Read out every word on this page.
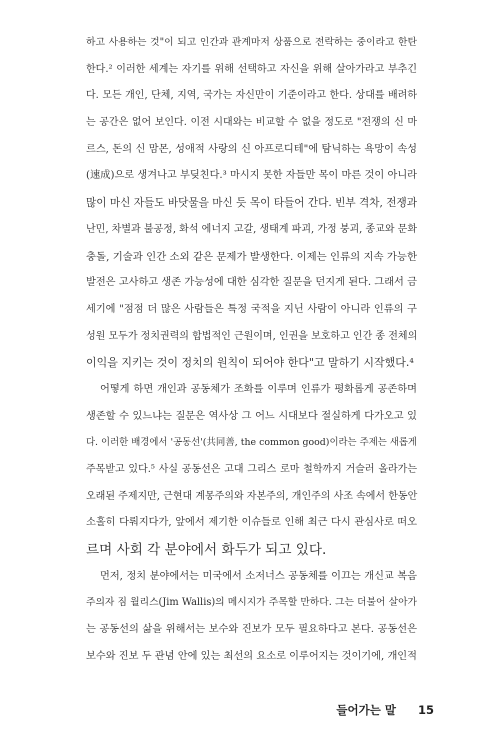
하고 사용하는 것"이 되고 인간과 관계마저 상품으로 전락하는 중이라고 한탄
한다.² 이러한 세계는 자기를 위해 선택하고 자신을 위해 살아가라고 부추긴
다. 모든 개인, 단체, 지역, 국가는 자신만이 기준이라고 한다. 상대를 배려하
는 공간은 없어 보인다. 이전 시대와는 비교할 수 없을 정도로 "전쟁의 신 마
르스, 돈의 신 맘몬, 성애적 사랑의 신 아프로디테"에 탐닉하는 욕망이 속성
(速成)으로 생겨나고 부딪친다.³ 마시지 못한 자들만 목이 마른 것이 아니라
많이 마신 자들도 바닷물을 마신 듯 목이 타들어 간다. 빈부 격차, 전쟁과
난민, 차별과 불공정, 화석 에너지 고갈, 생태계 파괴, 가정 붕괴, 종교와 문화
충돌, 기술과 인간 소외 같은 문제가 발생한다. 이제는 인류의 지속 가능한
발전은 고사하고 생존 가능성에 대한 심각한 질문을 던지게 된다. 그래서 금
세기에 "점점 더 많은 사람들은 특정 국적을 지닌 사람이 아니라 인류의 구
성원 모두가 정치권력의 합법적인 근원이며, 인권을 보호하고 인간 종 전체의
이익을 지키는 것이 정치의 원칙이 되어야 한다"고 말하기 시작했다.⁴
어떻게 하면 개인과 공동체가 조화를 이루며 인류가 평화롭게 공존하며
생존할 수 있느냐는 질문은 역사상 그 어느 시대보다 절실하게 다가오고 있
다. 이러한 배경에서 '공동선'(共同善, the common good)이라는 주제는 새롭게
주목받고 있다.⁵ 사실 공동선은 고대 그리스 로마 철학까지 거슬러 올라가는
오래된 주제지만, 근현대 계몽주의와 자본주의, 개인주의 사조 속에서 한동안
소홀히 다뤄지다가, 앞에서 제기한 이슈들로 인해 최근 다시 관심사로 떠오
르며 사회 각 분야에서 화두가 되고 있다.
먼저, 정치 분야에서는 미국에서 소저너스 공동체를 이끄는 개신교 복음
주의자 짐 월리스(Jim Wallis)의 메시지가 주목할 만하다. 그는 더불어 살아가
는 공동선의 삶을 위해서는 보수와 진보가 모두 필요하다고 본다. 공동선은
보수와 진보 두 관념 안에 있는 최선의 요소로 이루어지는 것이기에, 개인적
들어가는 말 15
